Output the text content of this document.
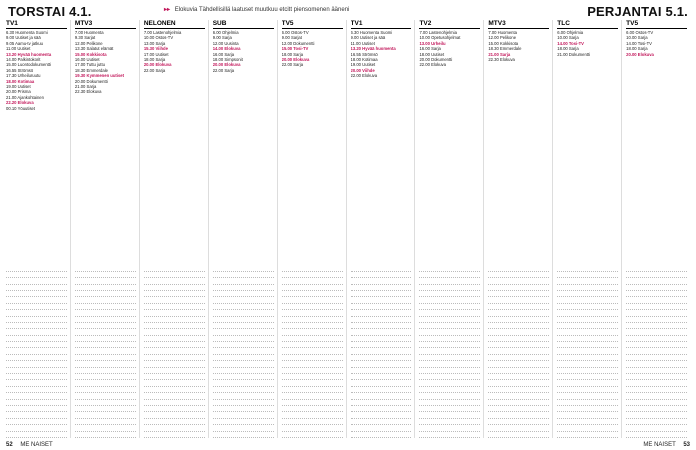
TORSTAI 4.1.	▸▸ Elokuvia Tähdellisillä laatuset muutkuu etcitt piensomenen ääneni	PERJANTAI 5.1.
TV1
6.30 Huomenta Suomi
9.00 Uutiset ja sää
9.05 Aamu-tv jatkuu
11.00 Uutiset
13.20 Hyvää huomenta
14.00 Palkintokorit
15.00 Luontodokumentti
16.55 Strömsö
17.30 Urheiluruutu
18.00 Kotimaa
19.00 Uutiset
20.00 Prisma
21.00 Ajankohtainen
22.20 Elokuva
00.10 Yöuutiset
MTV3
7.00 Huomenta
9.30 Sarjat
12.00 Pelikone
13.30 Salatut elämät
15.00 Kokkisota
16.00 Uutiset
17.00 Tuttu juttu
18.30 Emmerdale
19.30 Kymmenen uutiset
20.00 Dokumentti
21.00 Sarja
22.30 Elokuva
NELONEN
7.00 Lastenohjelmia
10.00 Ostos-TV
13.00 Sarja
15.30 Viihde
17.00 Uutiset
18.00 Sarja
20.00 Elokuva
22.00 Sarja
SUB
6.00 Ohjelmia
9.00 Sarja
12.00 Uusinta
14.00 Elokuva
16.00 Sarja
18.00 Simpsonit
20.00 Elokuva
22.00 Sarja
TV5
6.00 Ostos-TV
9.00 Sarjat
12.00 Dokumentti
15.00 Tosi-TV
18.00 Sarja
20.00 Elokuva
22.00 Sarja
TV1
6.30 Huomenta Suomi
9.00 Uutiset ja sää
11.00 Uutiset
13.20 Hyvää huomenta
16.55 Strömsö
18.00 Kotimaa
19.00 Uutiset
20.00 Viihde
22.00 Elokuva
TV2
7.00 Lastenohjelmia
10.00 Opetusohjelmat
13.00 Urheilu
16.00 Sarja
18.00 Uutiset
20.00 Dokumentti
22.00 Elokuva
MTV3
7.00 Huomenta
12.00 Pelikone
15.00 Kokkisota
18.30 Emmerdale
21.00 Sarja
22.30 Elokuva
TLC
6.00 Ohjelmia
10.00 Sarja
14.00 Tosi-TV
18.00 Sarja
21.00 Dokumentti
TV5
6.00 Ostos-TV
10.00 Sarja
14.00 Tosi-TV
18.00 Sarja
20.00 Elokuva
52 ME NAISET	ME NAISET 53
